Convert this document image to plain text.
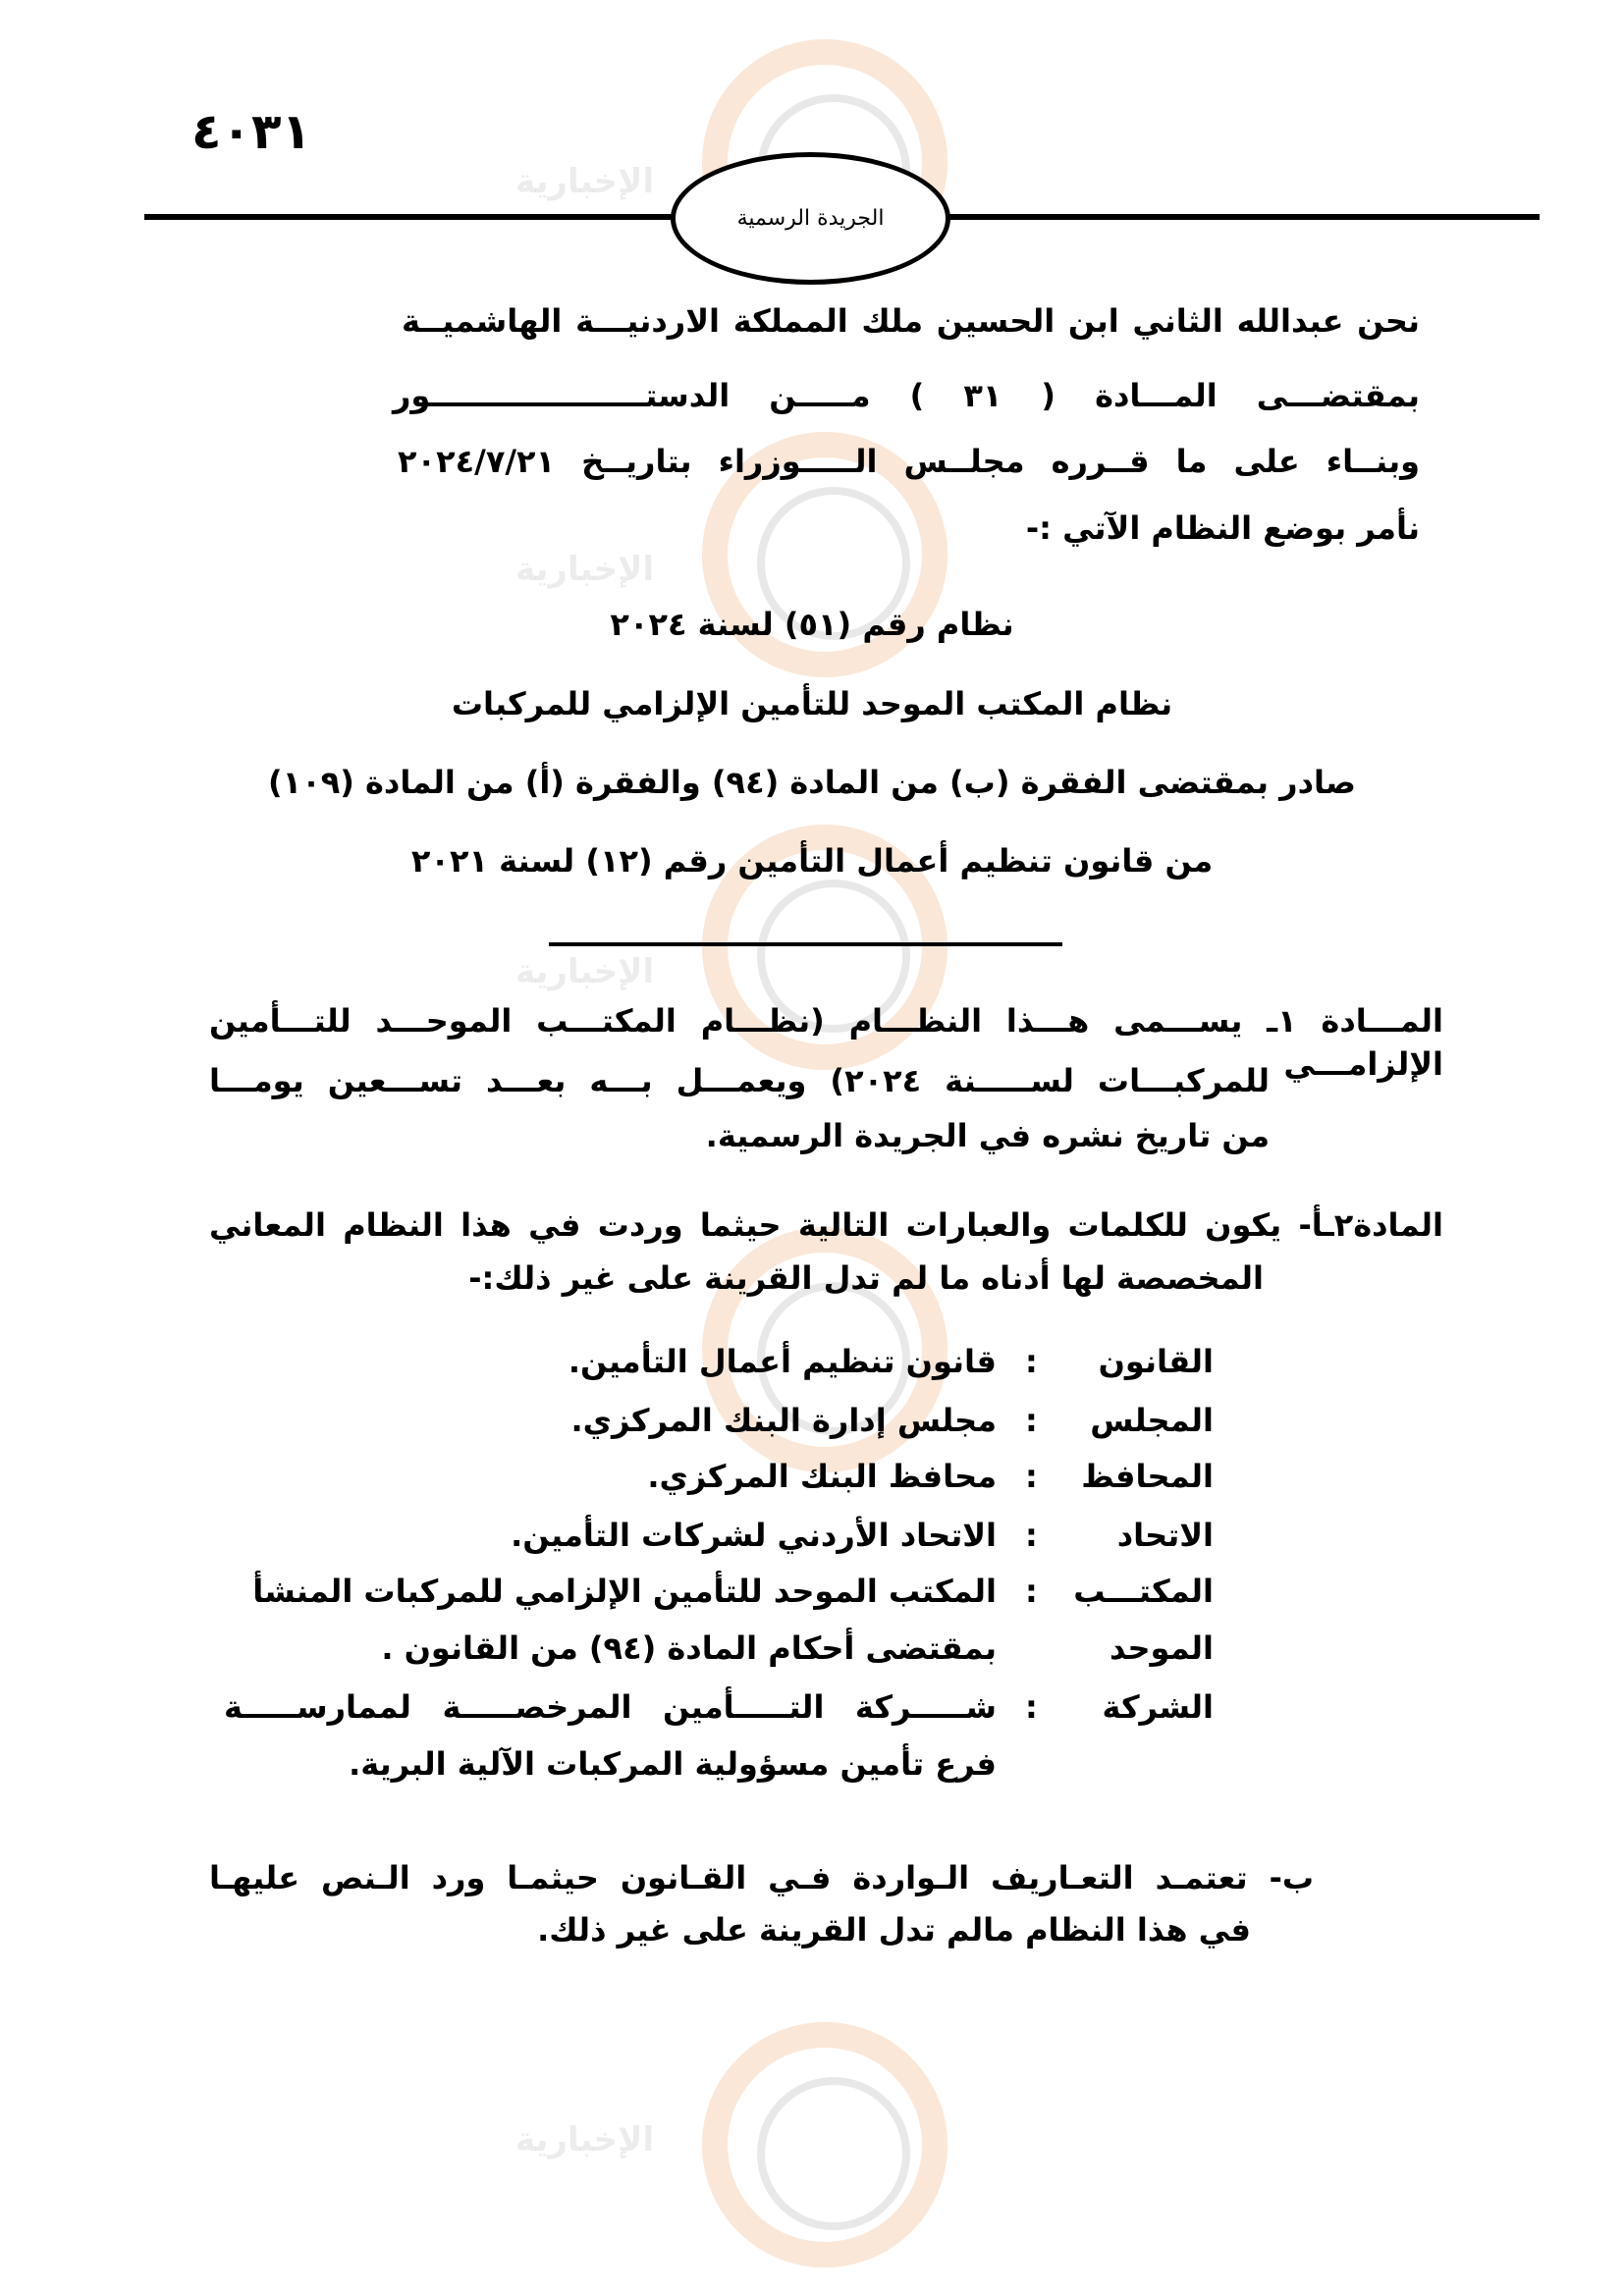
الإخبارية
الإخبارية
الإخبارية
الإخبارية
٤٠٣١
الجريدة الرسمية
نحن عبدالله الثاني ابن الحسين ملك المملكة الاردنيـــة الهاشميــة
بمقتضـــى المـــادة ( ٣١ ) مـــــن الدستــــــــــــــــــــور
وبنــاء على ما قــرره مجلــس الـــــوزراء بتاريــخ ٢٠٢٤/٧/٢١
نأمر بوضع النظام الآتي :-
نظام رقم (٥١) لسنة ٢٠٢٤
نظام المكتب الموحد للتأمين الإلزامي للمركبات
صادر بمقتضى الفقرة (ب) من المادة (٩٤) والفقرة (أ) من المادة (١٠٩)
من قانون تنظيم أعمال التأمين رقم (١٢) لسنة ٢٠٢١
المـــادة ١ـ يســـمى هـــذا النظـــام (نظـــام المكتـــب الموحـــد للتـــأمين الإلزامـــي
للمركبـــات لســـــنة ٢٠٢٤) ويعمـــل بـــه بعـــد تســـعين يومـــا
من تاريخ نشره في الجريدة الرسمية.
المادة٢ـأ- يكون للكلمات والعبارات التالية حيثما وردت في هذا النظام المعاني
المخصصة لها أدناه ما لم تدل القرينة على غير ذلك:-
القانون
:
قانون تنظيم أعمال التأمين.
المجلس
:
مجلس إدارة البنك المركزي.
المحافظ
:
محافظ البنك المركزي.
الاتحاد
:
الاتحاد الأردني لشركات التأمين.
المكتـــب
الموحد
:
المكتب الموحد للتأمين الإلزامي للمركبات المنشأ
بمقتضى أحكام المادة (٩٤) من القانون .
الشركة
:
شـــــركة التـــــأمين المرخصـــــة لممارســـــة
فرع تأمين مسؤولية المركبات الآلية البرية.
ب- تعتمـد التعـاريف الـواردة فـي القـانون حيثمـا ورد الـنص عليهـا
في هذا النظام مالم تدل القرينة على غير ذلك.
